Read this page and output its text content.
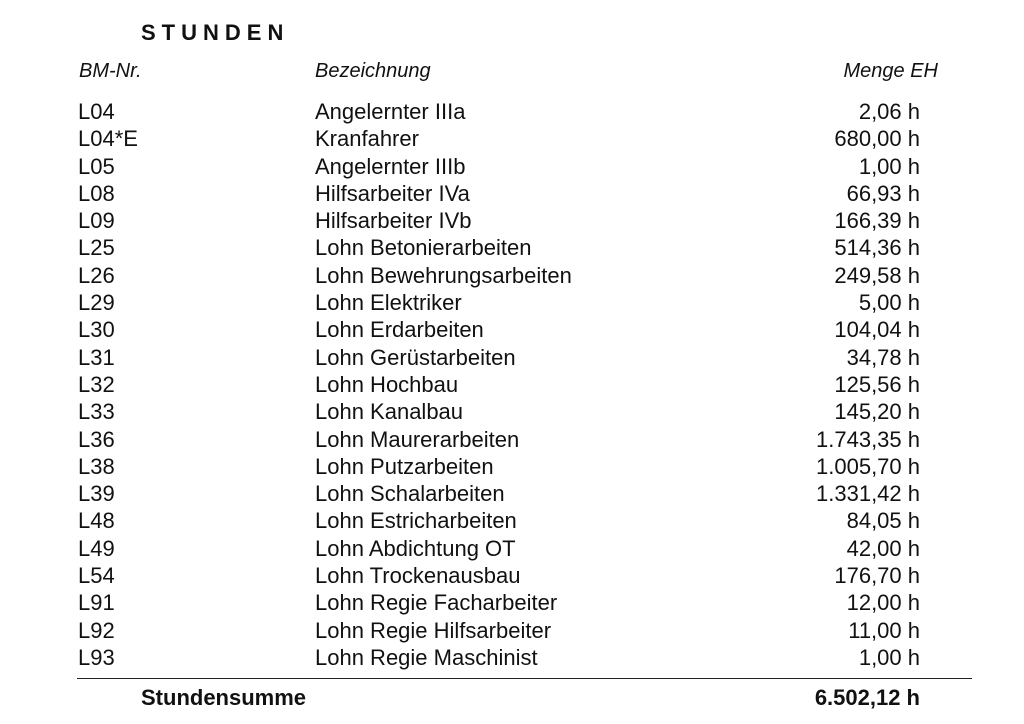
STUNDEN
BM-Nr.	Bezeichnung	Menge EH
L04	Angelernter IIIa	2,06 h
L04*E	Kranfahrer	680,00 h
L05	Angelernter IIIb	1,00 h
L08	Hilfsarbeiter IVa	66,93 h
L09	Hilfsarbeiter IVb	166,39 h
L25	Lohn Betonierarbeiten	514,36 h
L26	Lohn Bewehrungsarbeiten	249,58 h
L29	Lohn Elektriker	5,00 h
L30	Lohn Erdarbeiten	104,04 h
L31	Lohn Gerüstarbeiten	34,78 h
L32	Lohn Hochbau	125,56 h
L33	Lohn Kanalbau	145,20 h
L36	Lohn Maurerarbeiten	1.743,35 h
L38	Lohn Putzarbeiten	1.005,70 h
L39	Lohn Schalarbeiten	1.331,42 h
L48	Lohn Estricharbeiten	84,05 h
L49	Lohn Abdichtung OT	42,00 h
L54	Lohn Trockenausbau	176,70 h
L91	Lohn Regie Facharbeiter	12,00 h
L92	Lohn Regie Hilfsarbeiter	11,00 h
L93	Lohn Regie Maschinist	1,00 h
Stundensumme	6.502,12 h
